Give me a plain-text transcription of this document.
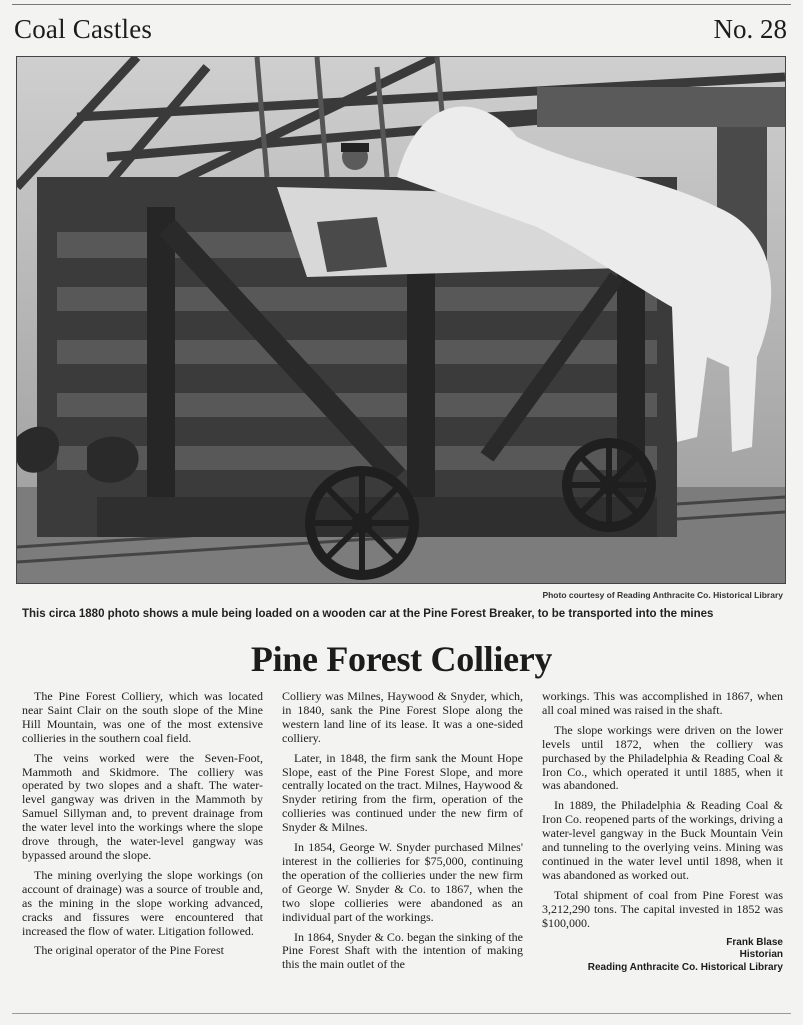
Coal Castles	No. 28
Photo courtesy of Reading Anthracite Co. Historical Library
This circa 1880 photo shows a mule being loaded on a wooden car at the Pine Forest Breaker, to be transported into the mines
Pine Forest Colliery

The Pine Forest Colliery, which was located near Saint Clair on the south slope of the Mine Hill Mountain, was one of the most extensive collieries in the southern coal field.

The veins worked were the Seven-Foot, Mammoth and Skidmore. The colliery was operated by two slopes and a shaft. The water-level gangway was driven in the Mammoth by Samuel Sillyman and, to prevent drainage from the water level into the workings where the slope drove through, the water-level gangway was bypassed around the slope.

The mining overlying the slope workings (on account of drainage) was a source of trouble and, as the mining in the slope working advanced, cracks and fissures were encountered that increased the flow of water. Litigation followed.

The original operator of the Pine Forest

Colliery was Milnes, Haywood & Snyder, which, in 1840, sank the Pine Forest Slope along the western land line of its lease. It was a one-sided colliery.

Later, in 1848, the firm sank the Mount Hope Slope, east of the Pine Forest Slope, and more centrally located on the tract. Milnes, Haywood & Snyder retiring from the firm, operation of the collieries was continued under the new firm of Snyder & Milnes.

In 1854, George W. Snyder purchased Milnes' interest in the collieries for $75,000, continuing the operation of the collieries under the new firm of George W. Snyder & Co. to 1867, when the two slope collieries were abandoned as an individual part of the workings.

In 1864, Snyder & Co. began the sinking of the Pine Forest Shaft with the intention of making this the main outlet of the

workings. This was accomplished in 1867, when all coal mined was raised in the shaft.

The slope workings were driven on the lower levels until 1872, when the colliery was purchased by the Philadelphia & Reading Coal & Iron Co., which operated it until 1885, when it was abandoned.

In 1889, the Philadelphia & Reading Coal & Iron Co. reopened parts of the workings, driving a water-level gangway in the Buck Mountain Vein and tunneling to the overlying veins. Mining was continued in the water level until 1898, when it was abandoned as worked out.

Total shipment of coal from Pine Forest was 3,212,290 tons. The capital invested in 1852 was $100,000.

Frank Blase
Historian
Reading Anthracite Co. Historical Library
